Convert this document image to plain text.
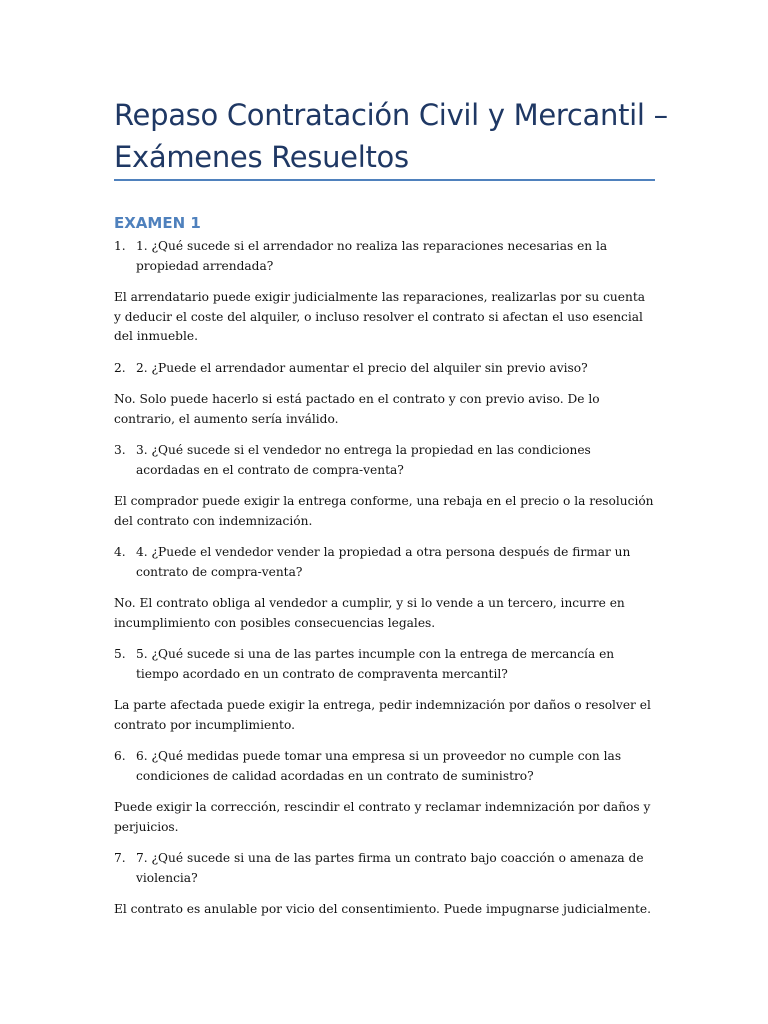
Repaso Contratación Civil y Mercantil – Exámenes Resueltos
EXAMEN 1

1. 1. ¿Qué sucede si el arrendador no realiza las reparaciones necesarias en la propiedad arrendada?

El arrendatario puede exigir judicialmente las reparaciones, realizarlas por su cuenta y deducir el coste del alquiler, o incluso resolver el contrato si afectan el uso esencial del inmueble.

2. 2. ¿Puede el arrendador aumentar el precio del alquiler sin previo aviso?

No. Solo puede hacerlo si está pactado en el contrato y con previo aviso. De lo contrario, el aumento sería inválido.

3. 3. ¿Qué sucede si el vendedor no entrega la propiedad en las condiciones acordadas en el contrato de compra-venta?

El comprador puede exigir la entrega conforme, una rebaja en el precio o la resolución del contrato con indemnización.

4. 4. ¿Puede el vendedor vender la propiedad a otra persona después de firmar un contrato de compra-venta?

No. El contrato obliga al vendedor a cumplir, y si lo vende a un tercero, incurre en incumplimiento con posibles consecuencias legales.

5. 5. ¿Qué sucede si una de las partes incumple con la entrega de mercancía en tiempo acordado en un contrato de compraventa mercantil?

La parte afectada puede exigir la entrega, pedir indemnización por daños o resolver el contrato por incumplimiento.

6. 6. ¿Qué medidas puede tomar una empresa si un proveedor no cumple con las condiciones de calidad acordadas en un contrato de suministro?

Puede exigir la corrección, rescindir el contrato y reclamar indemnización por daños y perjuicios.

7. 7. ¿Qué sucede si una de las partes firma un contrato bajo coacción o amenaza de violencia?

El contrato es anulable por vicio del consentimiento. Puede impugnarse judicialmente.
